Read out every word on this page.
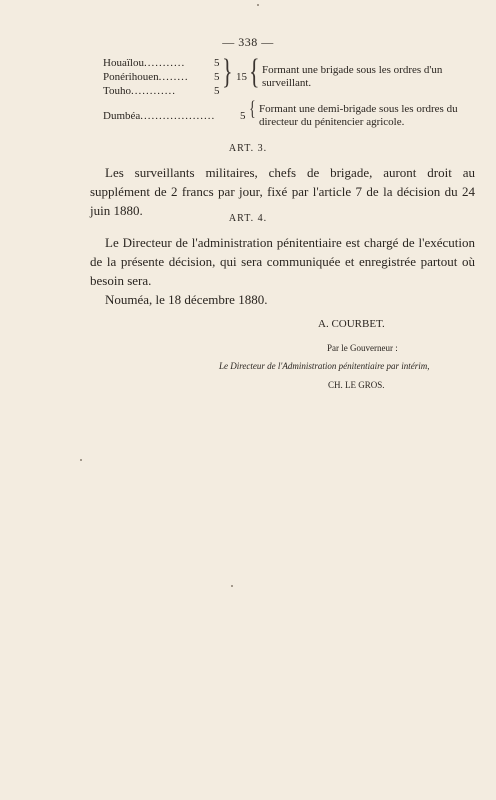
— 338 —
Houaïlou...........	5
Ponérihouen........ 5
Touho............	5
} 15 { Formant une brigade sous les ordres d'un surveillant.
Dumbéa.................... 5 { Formant une demi-brigade sous les ordres du directeur du pénitencier agricole.
ART. 3.
Les surveillants militaires, chefs de brigade, auront droit au supplément de 2 francs par jour, fixé par l'article 7 de la décision du 24 juin 1880.
ART. 4.
Le Directeur de l'administration pénitentiaire est chargé de l'exécution de la présente décision, qui sera communiquée et enregistrée partout où besoin sera.
Nouméa, le 18 décembre 1880.
A. COURBET.
Par le Gouverneur :
Le Directeur de l'Administration pénitentiaire par intérim,
CH. LE GROS.
